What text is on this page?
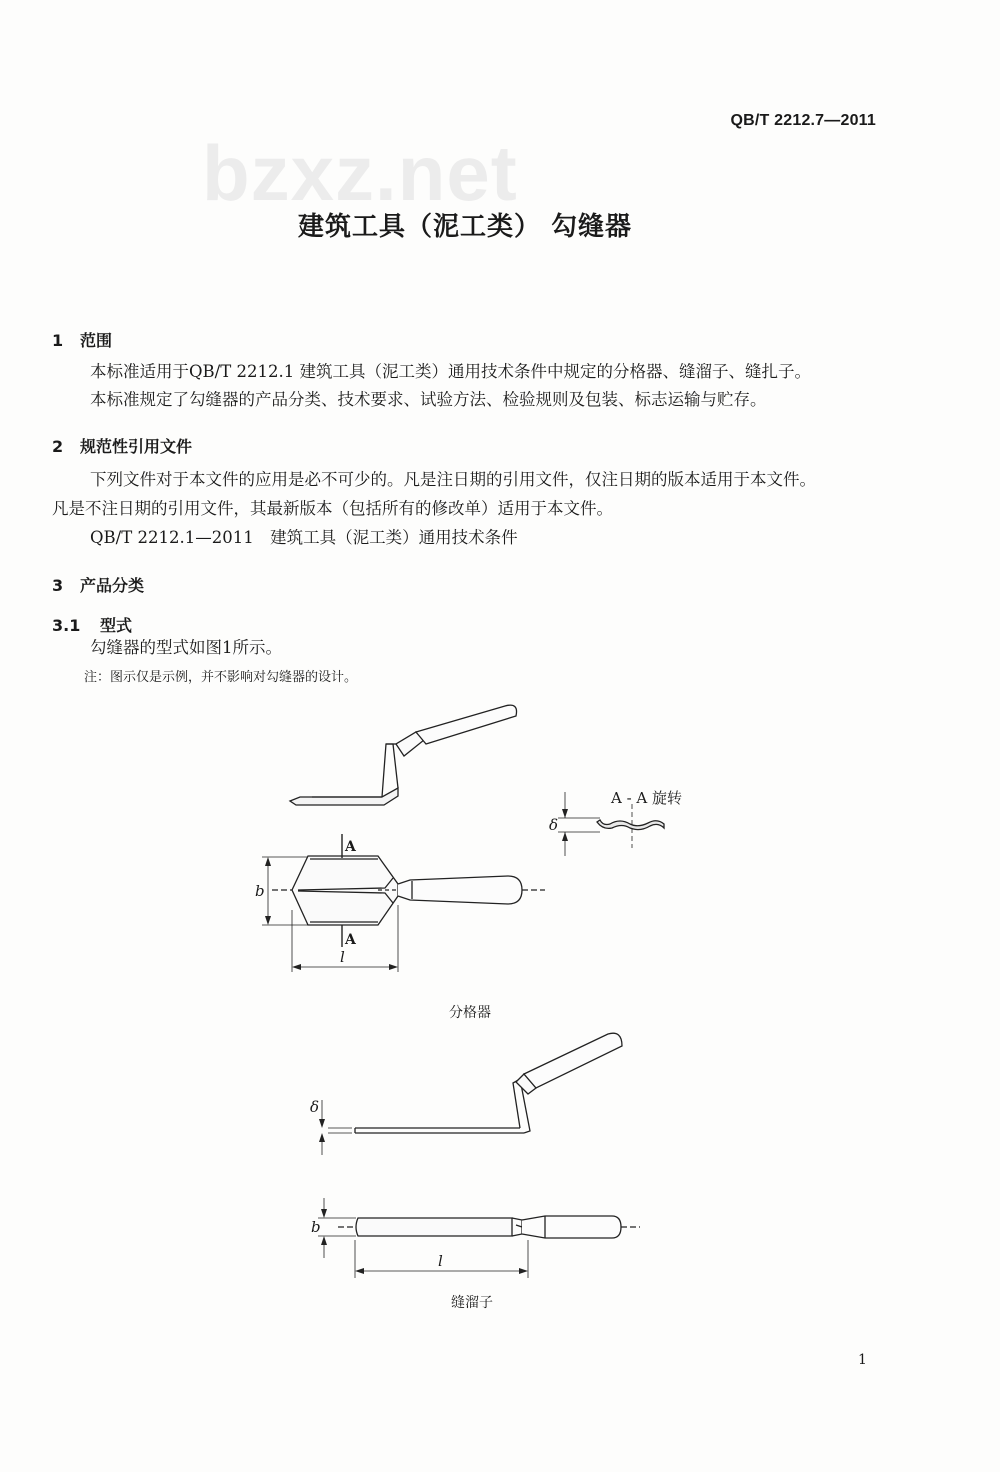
bzxz.net
QB/T 2212.7—2011
建筑工具（泥工类） 勾缝器
1 范围
本标准适用于QB/T 2212.1 建筑工具（泥工类）通用技术条件中规定的分格器、缝溜子、缝扎子。
本标准规定了勾缝器的产品分类、技术要求、试验方法、检验规则及包装、标志运输与贮存。
2 规范性引用文件
下列文件对于本文件的应用是必不可少的。凡是注日期的引用文件，仅注日期的版本适用于本文件。
凡是不注日期的引用文件，其最新版本（包括所有的修改单）适用于本文件。
QB/T 2212.1—2011　建筑工具（泥工类）通用技术条件
3 产品分类
3.1 型式
勾缝器的型式如图1所示。
注：图示仅是示例，并不影响对勾缝器的设计。
b
l
δ
δ
b
l
A
A
A - A 旋转
分格器
缝溜子
1
